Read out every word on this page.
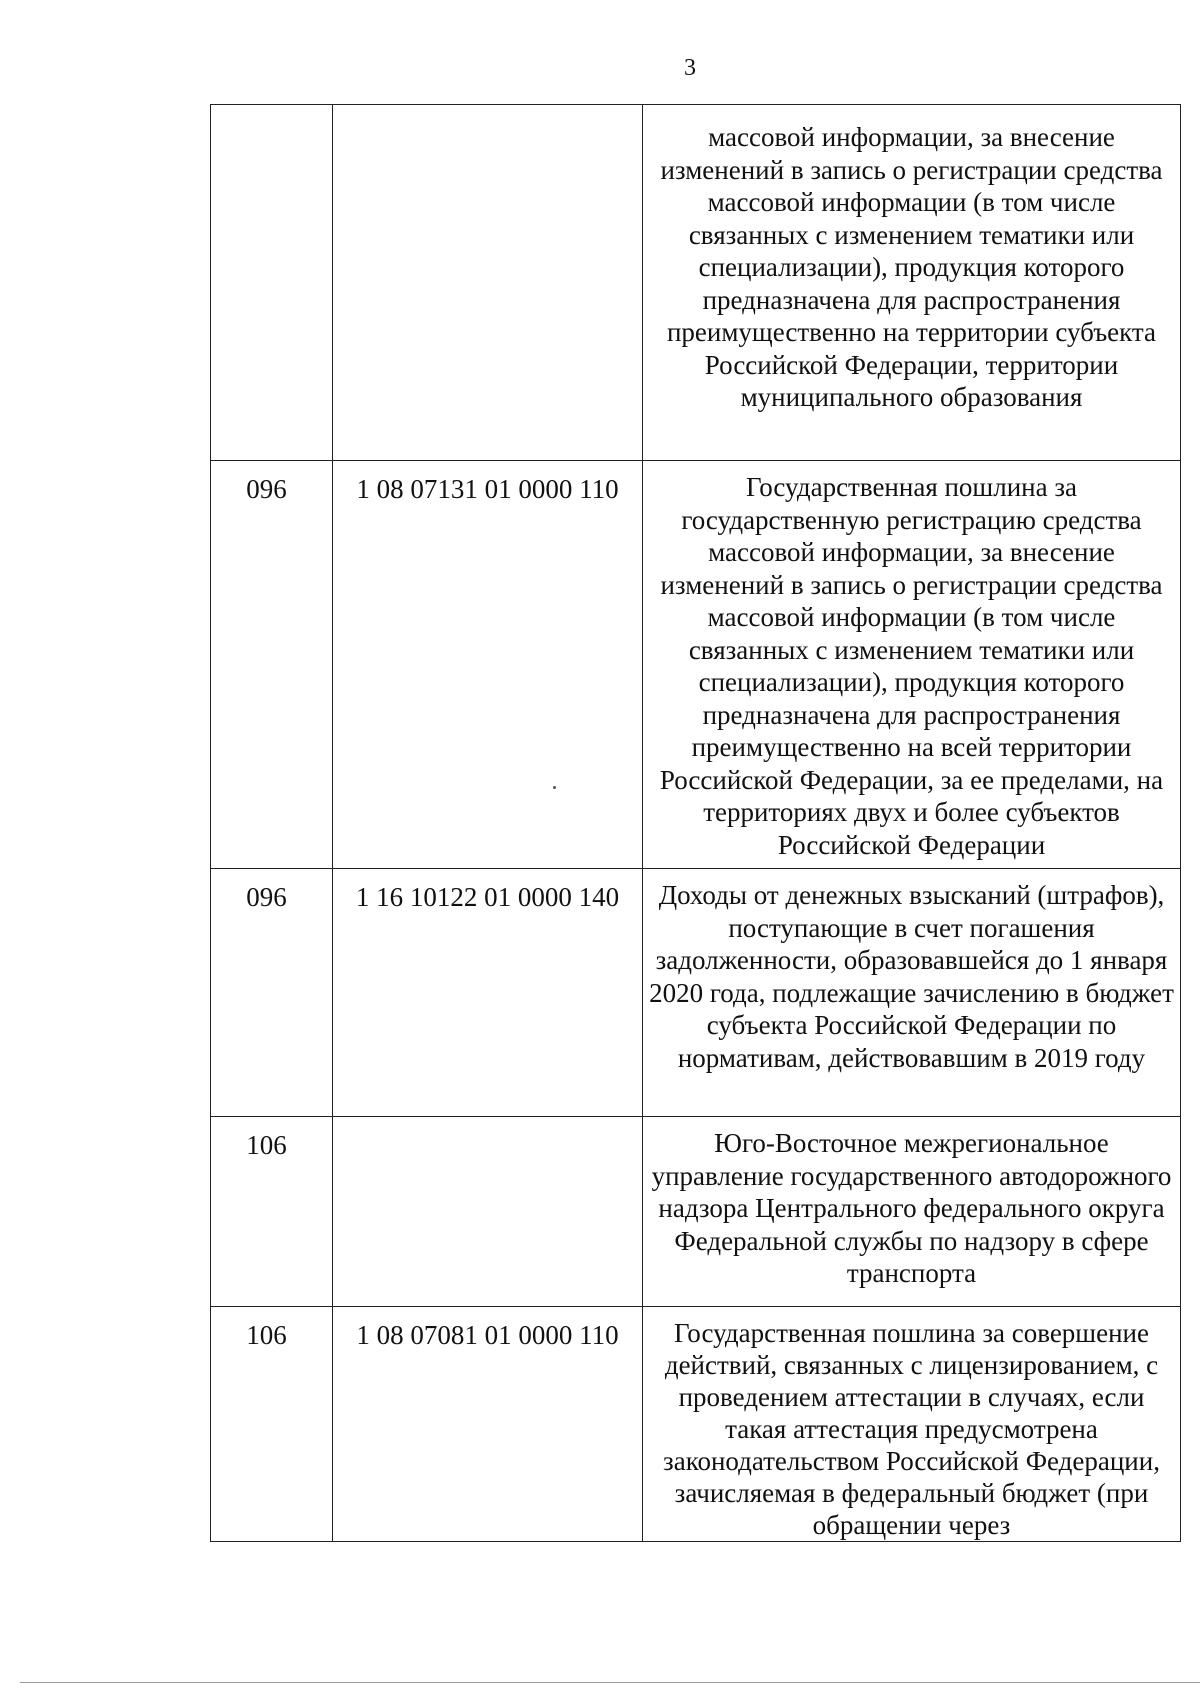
3
		массовой информации, за внесение изменений в запись о регистрации средства массовой информации (в том числе связанных с изменением тематики или специализации), продукция которого предназначена для распространения преимущественно на территории субъекта Российской Федерации, территории муниципального образования
096	1 08 07131 01 0000 110	Государственная пошлина за государственную регистрацию средства массовой информации, за внесение изменений в запись о регистрации средства массовой информации (в том числе связанных с изменением тематики или специализации), продукция которого предназначена для распространения преимущественно на всей территории Российской Федерации, за ее пределами, на территориях двух и более субъектов Российской Федерации
096	1 16 10122 01 0000 140	Доходы от денежных взысканий (штрафов), поступающие в счет погашения задолженности, образовавшейся до 1 января 2020 года, подлежащие зачислению в бюджет субъекта Российской Федерации по нормативам, действовавшим в 2019 году
106		Юго-Восточное межрегиональное управление государственного автодорожного надзора Центрального федерального округа Федеральной службы по надзору в сфере транспорта
106	1 08 07081 01 0000 110	Государственная пошлина за совершение действий, связанных с лицензированием, с проведением аттестации в случаях, если такая аттестация предусмотрена законодательством Российской Федерации, зачисляемая в федеральный бюджет (при обращении через
